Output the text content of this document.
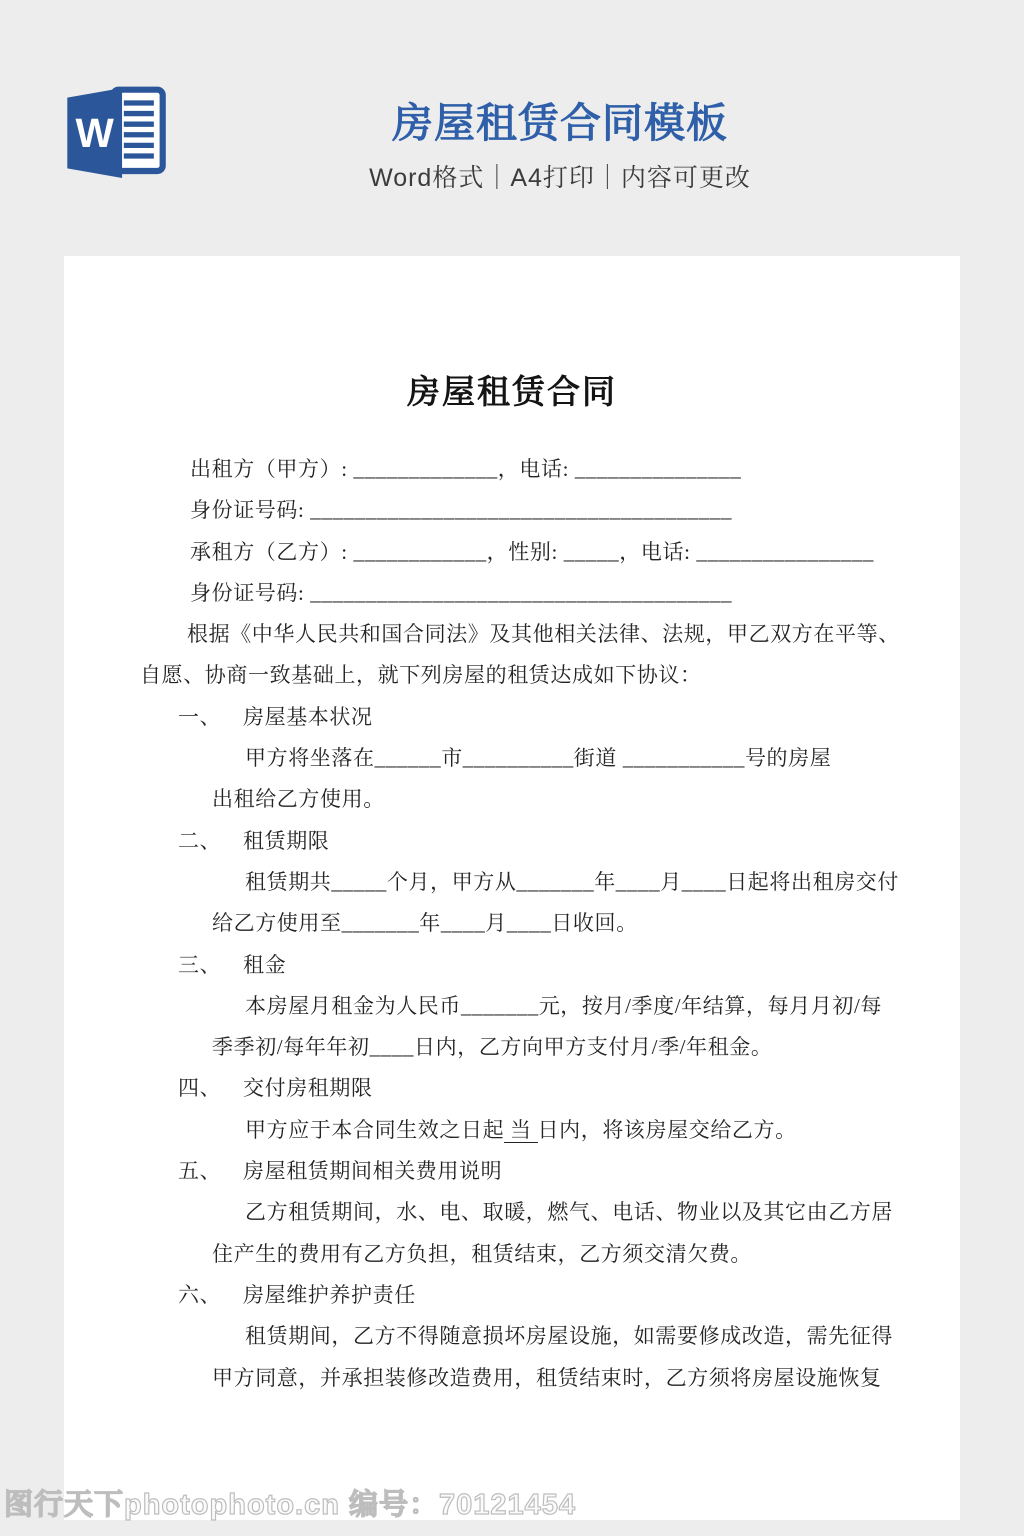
W	房屋租赁合同模板
Word格式｜A4打印｜内容可更改
房屋租赁合同
出租方（甲方）: _____________，电话: _______________
身份证号码: ______________________________________
承租方（乙方）: ____________，性别: _____，电话: ________________
身份证号码: ______________________________________
根据《中华人民共和国合同法》及其他相关法律、法规，甲乙双方在平等、
自愿、协商一致基础上，就下列房屋的租赁达成如下协议：
一、 房屋基本状况
甲方将坐落在______市__________街道 ___________号的房屋
出租给乙方使用。
二、 租赁期限
租赁期共_____个月，甲方从_______年____月____日起将出租房交付
给乙方使用至_______年____月____日收回。
三、 租金
本房屋月租金为人民币_______元，按月/季度/年结算，每月月初/每
季季初/每年年初____日内，乙方向甲方支付月/季/年租金。
四、 交付房租期限
甲方应于本合同生效之日起 当 日内，将该房屋交给乙方。
五、 房屋租赁期间相关费用说明
乙方租赁期间，水、电、取暖，燃气、电话、物业以及其它由乙方居
住产生的费用有乙方负担，租赁结束，乙方须交清欠费。
六、 房屋维护养护责任
租赁期间，乙方不得随意损坏房屋设施，如需要修成改造，需先征得
甲方同意，并承担装修改造费用，租赁结束时，乙方须将房屋设施恢复
图行天下photophoto.cn 编号：70121454
